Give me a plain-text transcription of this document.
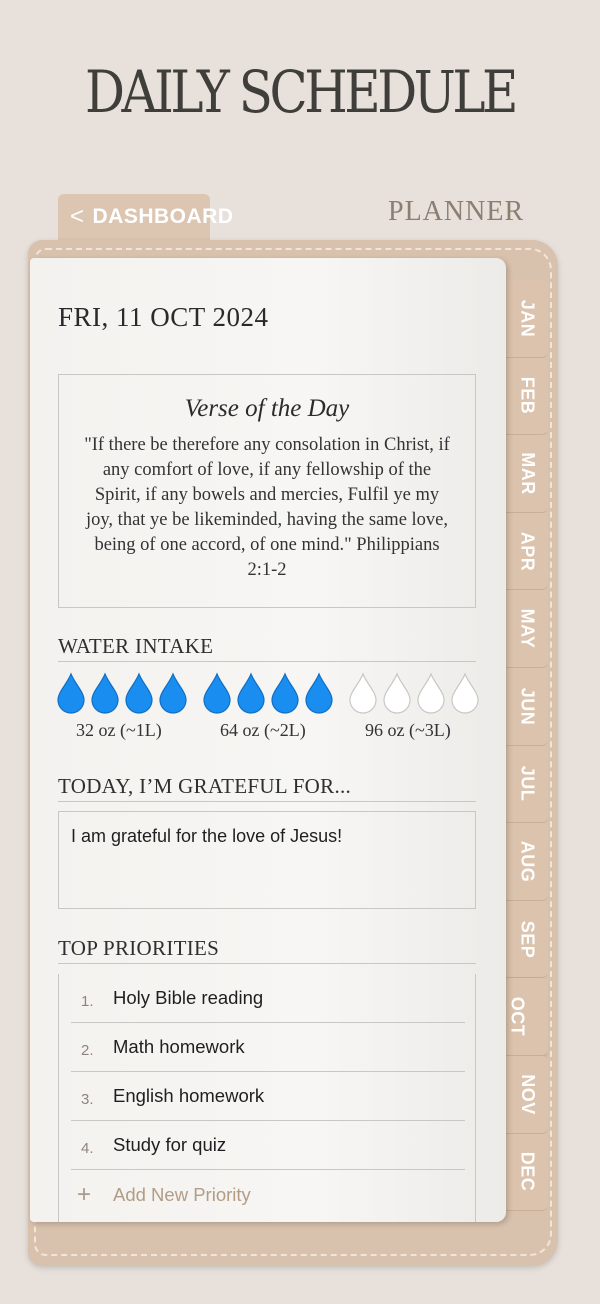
DAILY SCHEDULE
< DASHBOARD	PLANNER
JAN
FEB
MAR
APR
MAY
JUN
JUL
AUG
SEP
OCT
NOV
DEC
FRI, 11 OCT 2024
Verse of the Day
"If there be therefore any consolation in Christ, if any comfort of love, if any fellowship of the Spirit, if any bowels and mercies, Fulfil ye my joy, that ye be likeminded, having the same love, being of one accord, of one mind." Philippians 2:1-2
WATER INTAKE
32 oz (~1L)	64 oz (~2L)	96 oz (~3L)
TODAY, I’M GRATEFUL FOR...
I am grateful for the love of Jesus!
TOP PRIORITIES
1.	Holy Bible reading
2.	Math homework
3.	English homework
4.	Study for quiz
+	Add New Priority
